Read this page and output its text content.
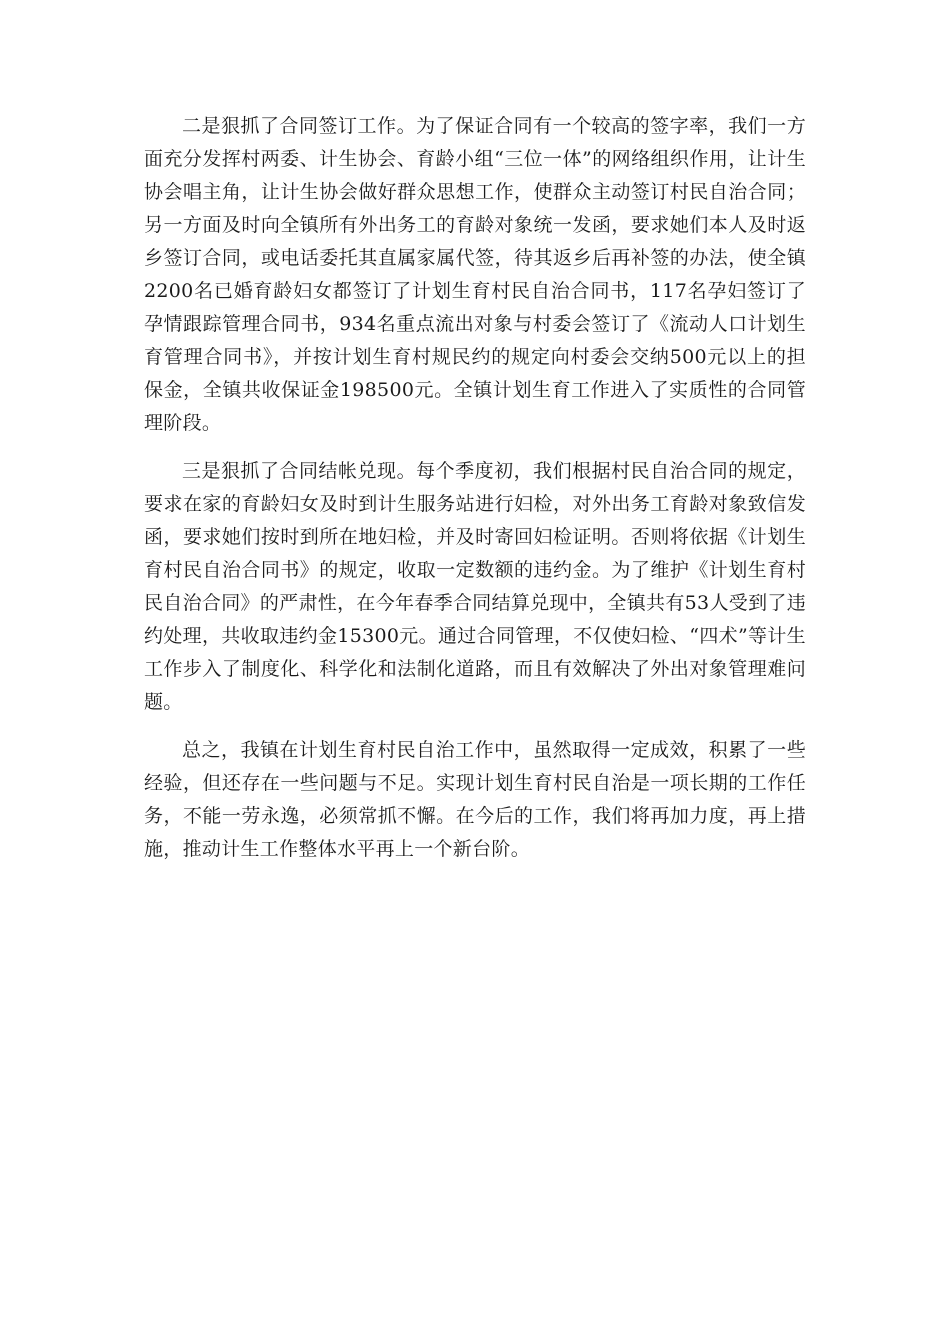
二是狠抓了合同签订工作。为了保证合同有一个较高的签字率，我们一方面充分发挥村两委、计生协会、育龄小组“三位一体”的网络组织作用，让计生协会唱主角，让计生协会做好群众思想工作，使群众主动签订村民自治合同；另一方面及时向全镇所有外出务工的育龄对象统一发函，要求她们本人及时返乡签订合同，或电话委托其直属家属代签，待其返乡后再补签的办法，使全镇2200名已婚育龄妇女都签订了计划生育村民自治合同书，117名孕妇签订了孕情跟踪管理合同书，934名重点流出对象与村委会签订了《流动人口计划生育管理合同书》，并按计划生育村规民约的规定向村委会交纳500元以上的担保金，全镇共收保证金198500元。全镇计划生育工作进入了实质性的合同管理阶段。

三是狠抓了合同结帐兑现。每个季度初，我们根据村民自治合同的规定，要求在家的育龄妇女及时到计生服务站进行妇检，对外出务工育龄对象致信发函，要求她们按时到所在地妇检，并及时寄回妇检证明。否则将依据《计划生育村民自治合同书》的规定，收取一定数额的违约金。为了维护《计划生育村民自治合同》的严肃性，在今年春季合同结算兑现中，全镇共有53人受到了违约处理，共收取违约金15300元。通过合同管理，不仅使妇检、“四术”等计生工作步入了制度化、科学化和法制化道路，而且有效解决了外出对象管理难问题。

总之，我镇在计划生育村民自治工作中，虽然取得一定成效，积累了一些经验，但还存在一些问题与不足。实现计划生育村民自治是一项长期的工作任务，不能一劳永逸，必须常抓不懈。在今后的工作，我们将再加力度，再上措施，推动计生工作整体水平再上一个新台阶。
